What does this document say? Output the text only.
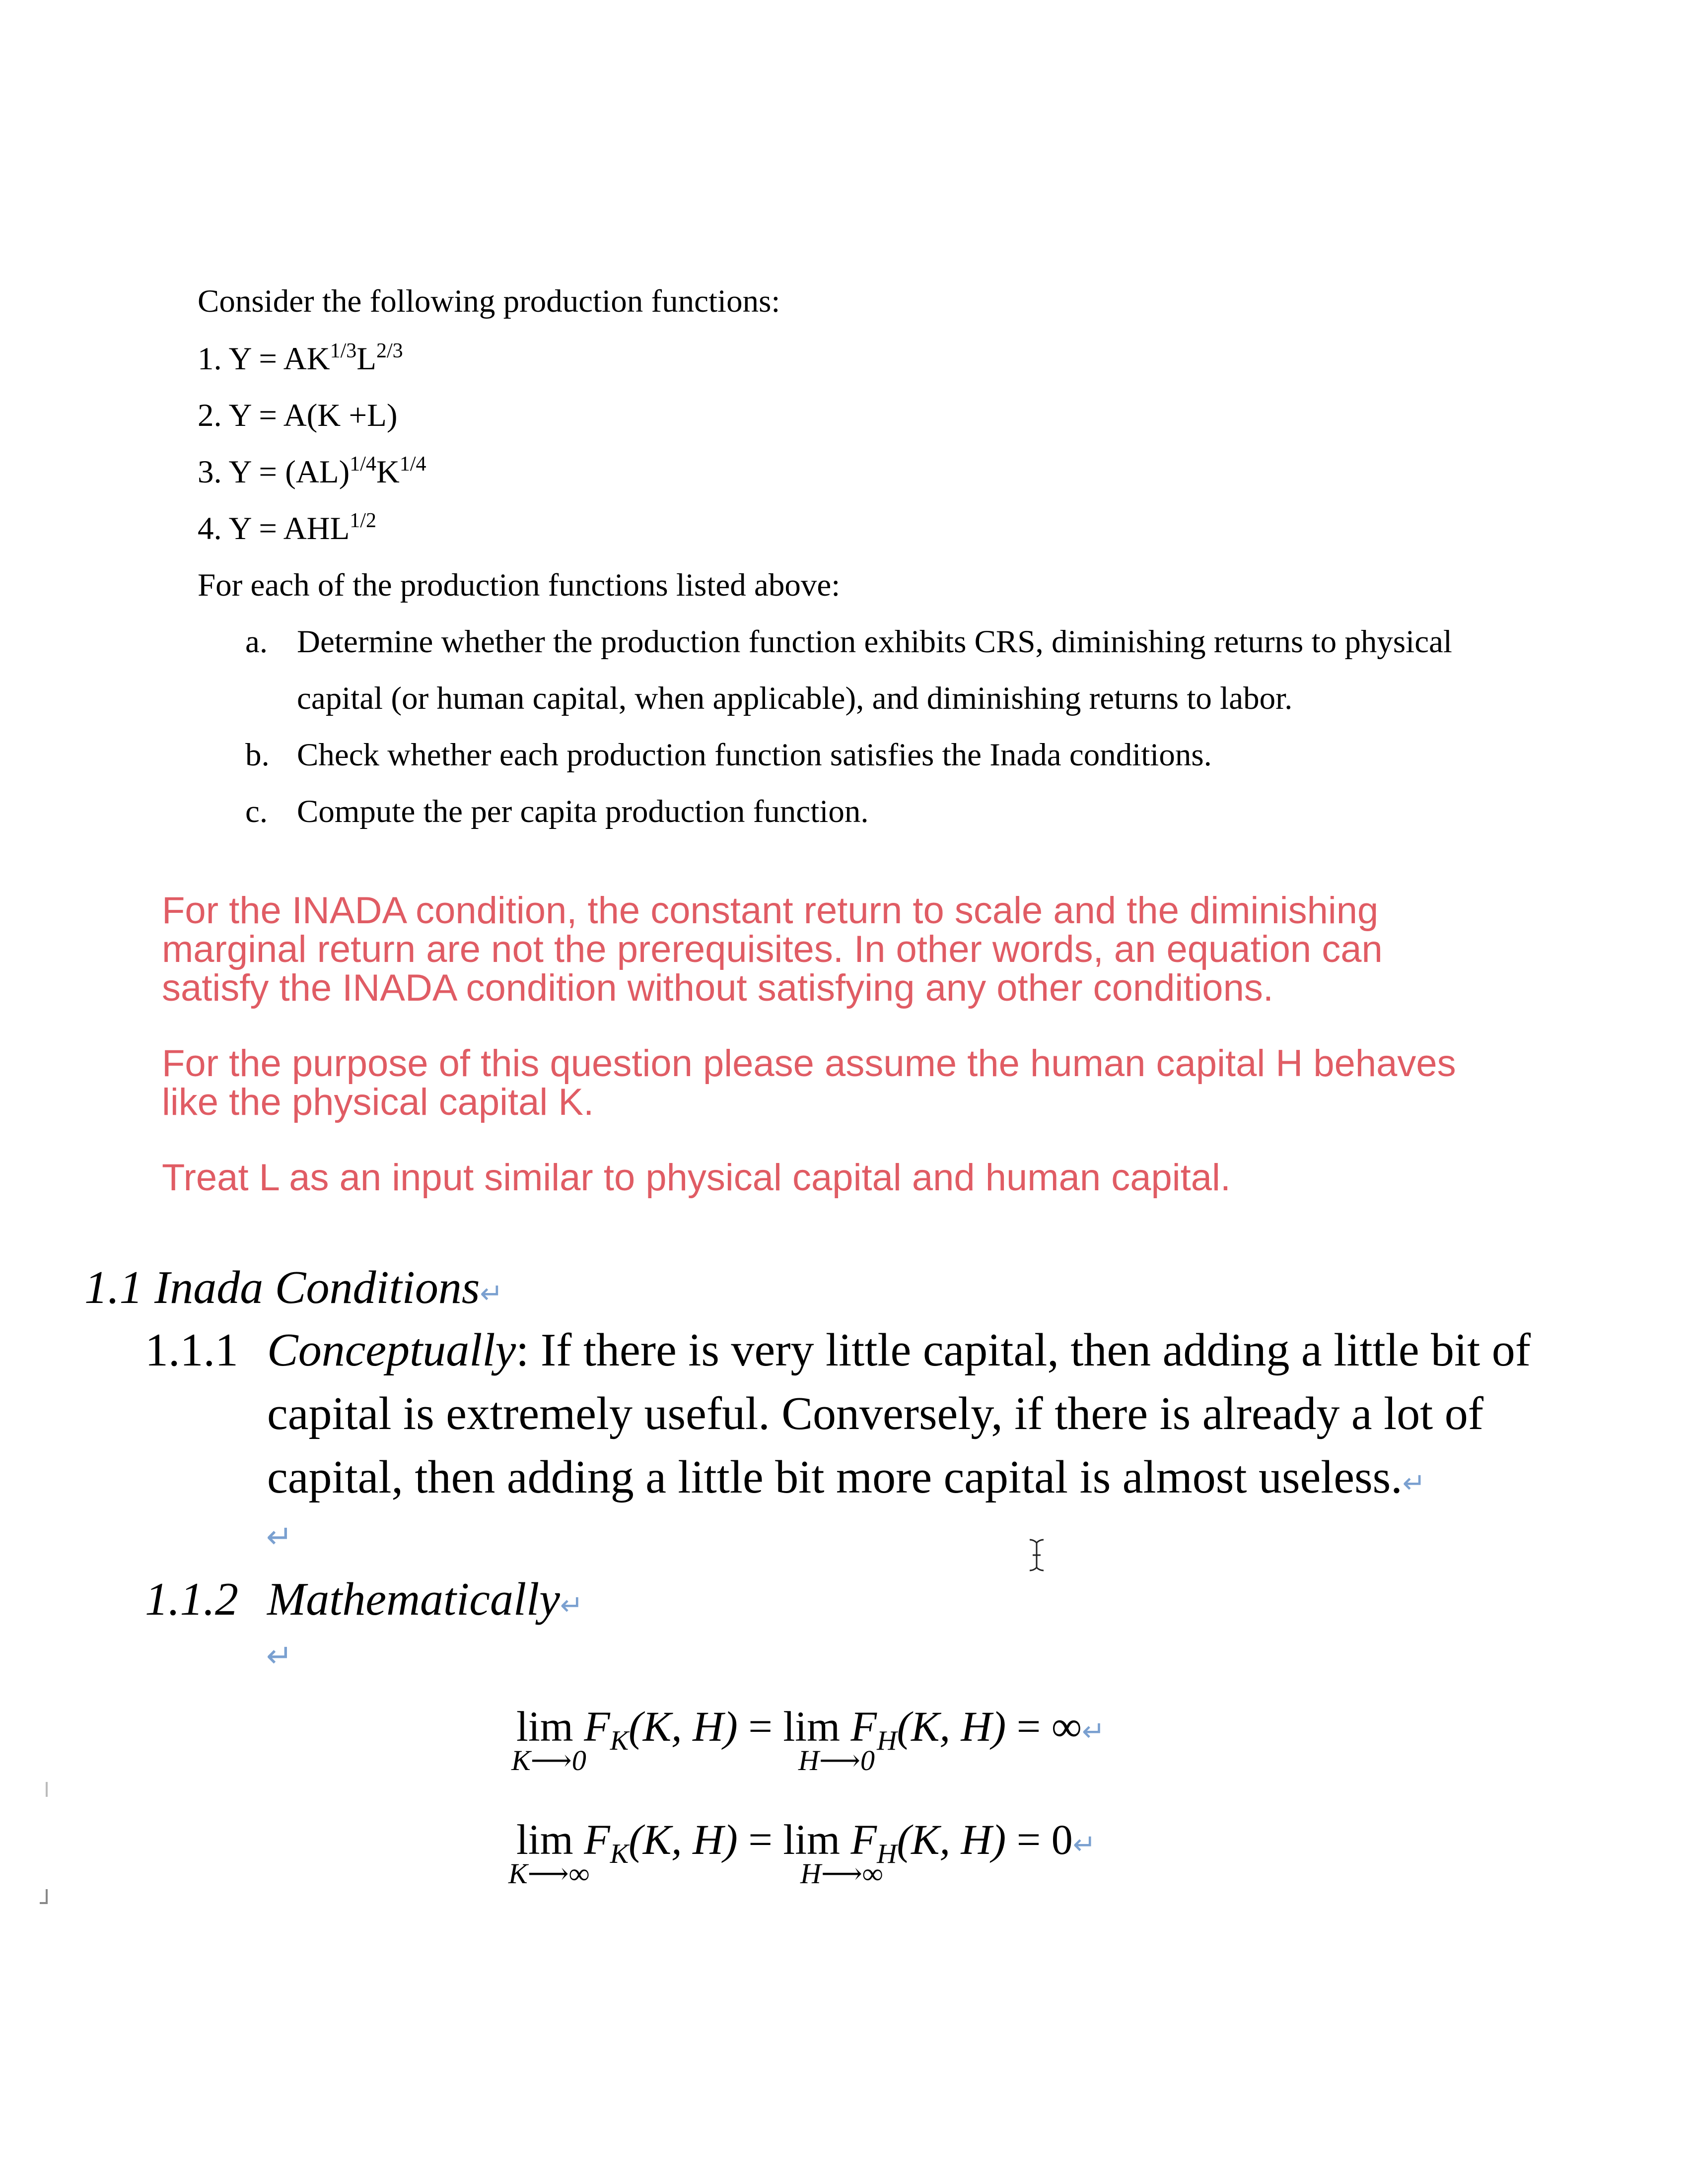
Consider the following production functions:
1. $Y = AK^{1/3}L^{2/3}$
2. Y = A(K +L)
3. $Y = (AL)^{1/4}K^{1/4}$
4. $Y = AHL^{1/2}$
For each of the production functions listed above:
a. Determine whether the production function exhibits CRS, diminishing returns to physical
capital (or human capital, when applicable), and diminishing returns to labor.
b. Check whether each production function satisfies the Inada conditions.
c. Compute the per capita production function.
For the INADA condition, the constant return to scale and the diminishing
marginal return are not the prerequisites. In other words, an equation can
satisfy the INADA condition without satisfying any other conditions.
For the purpose of this question please assume the human capital H behaves
like the physical capital K.
Treat L as an input similar to physical capital and human capital.
1.1 Inada Conditions↵
1.1.1 Conceptually: If there is very little capital, then adding a little bit of
capital is extremely useful. Conversely, if there is already a lot of
capital, then adding a little bit more capital is almost useless.↵
↵
1.1.2 Mathematically↵
↵
$\lim F_K(K$, $H) = \lim F_H(K$, H) = ∞↵
K⟶0	H⟶0
$\lim F_K(K$, $H) = \lim F_H(K$, H) = 0↵
K⟶∞	H⟶∞
